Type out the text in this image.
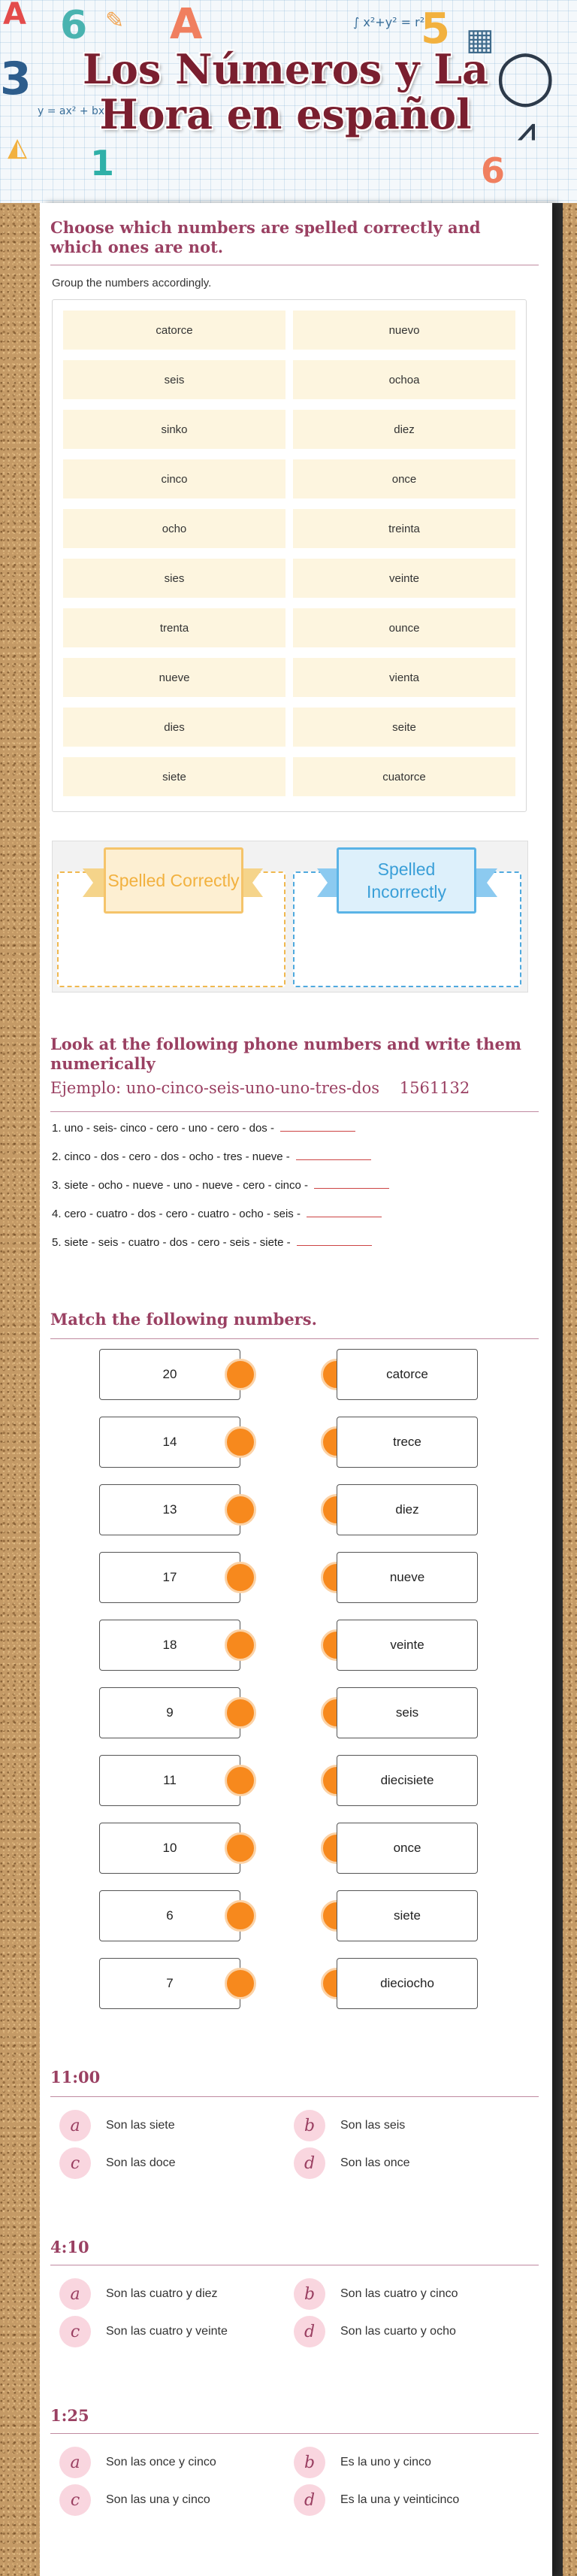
A 6
3
A	5
1	6
◭	⩘
◯
▦
✎	∫ x²+y² = r²
y = ax² + bx
Los Números y La Hora en español
Choose which numbers are spelled correctly and which ones are not.
Group the numbers accordingly.
catorce	nuevo
seis	ochoa
sinko	diez
cinco	once
ocho	treinta
sies	veinte
trenta	ounce
nueve	vienta
dies	seite
siete	cuatorce
Spelled Correctly
Spelled Incorrectly
Look at the following phone numbers and write them numerically
Ejemplo: uno-cinco-seis-uno-uno-tres-dos    1561132
1. uno - seis- cinco - cero - uno - cero - dos -
2. cinco - dos - cero - dos - ocho - tres - nueve -
3. siete - ocho - nueve - uno - nueve - cero - cinco -
4. cero - cuatro - dos - cero - cuatro - ocho - seis -
5. siete - seis - cuatro - dos - cero - seis - siete -
Match the following numbers.
20	catorce
14	trece
13	diez
17	nueve
18	veinte
9	seis
11	diecisiete
10	once
6	siete
7	dieciocho
11:00
a	Son las siete	b	Son las seis
c	Son las doce	d	Son las once
4:10
a	Son las cuatro y diez	b	Son las cuatro y cinco
c	Son las cuatro y veinte	d	Son las cuarto y ocho
1:25
a	Son las once y cinco	b	Es la uno y cinco
c	Son las una y cinco	d	Es la una y veinticinco
